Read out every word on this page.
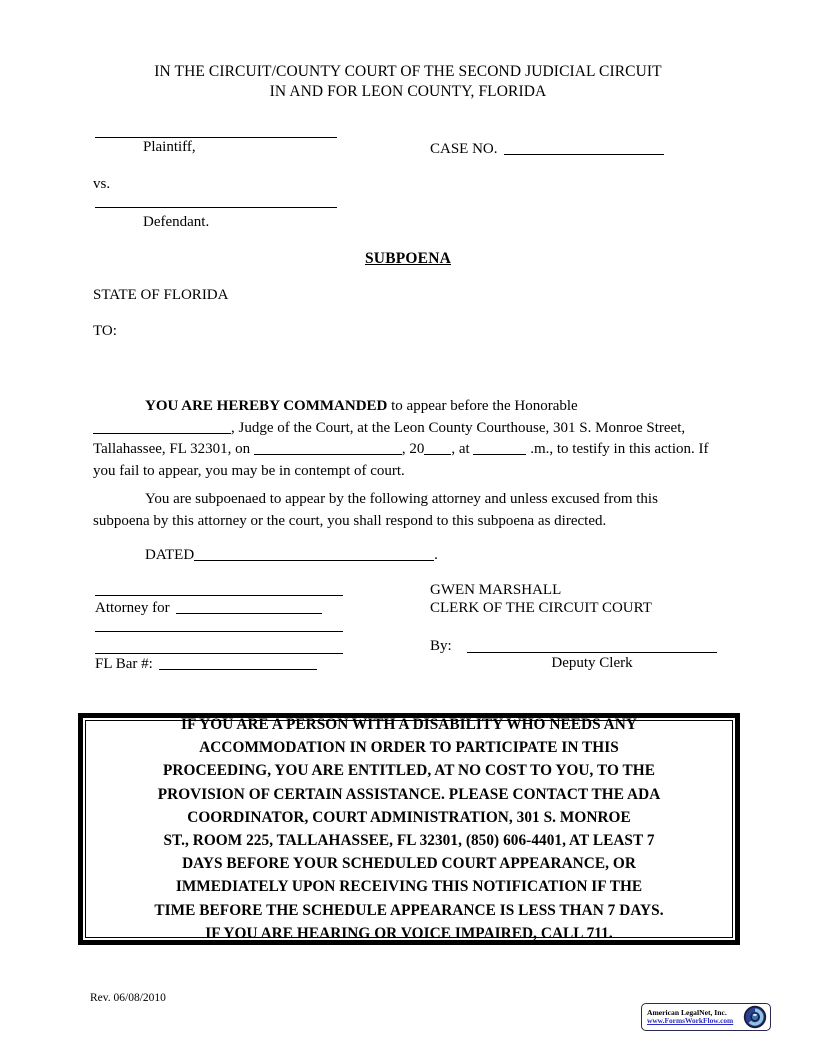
IN THE CIRCUIT/COUNTY COURT OF THE SECOND JUDICIAL CIRCUIT
IN AND FOR LEON COUNTY, FLORIDA
Plaintiff,
vs.
Defendant.
CASE NO.
SUBPOENA
STATE OF FLORIDA
TO:
YOU ARE HEREBY COMMANDED to appear before the Honorable , Judge of the Court, at the Leon County Courthouse, 301 S. Monroe Street, Tallahassee, FL 32301, on	, 20 , at	.m., to testify in this action. If you fail to appear, you may be in contempt of court.
You are subpoenaed to appear by the following attorney and unless excused from this subpoena by this attorney or the court, you shall respond to this subpoena as directed.
DATED	.
Attorney for
FL Bar #:
GWEN MARSHALL
CLERK OF THE CIRCUIT COURT
By:
Deputy Clerk
IF YOU ARE A PERSON WITH A DISABILITY WHO NEEDS ANY
ACCOMMODATION IN ORDER TO PARTICIPATE IN THIS
PROCEEDING, YOU ARE ENTITLED, AT NO COST TO YOU, TO THE
PROVISION OF CERTAIN ASSISTANCE. PLEASE CONTACT THE ADA
COORDINATOR, COURT ADMINISTRATION, 301 S. MONROE
ST., ROOM 225, TALLAHASSEE, FL 32301, (850) 606-4401, AT LEAST 7
DAYS BEFORE YOUR SCHEDULED COURT APPEARANCE, OR
IMMEDIATELY UPON RECEIVING THIS NOTIFICATION IF THE
TIME BEFORE THE SCHEDULE APPEARANCE IS LESS THAN 7 DAYS.
IF YOU ARE HEARING OR VOICE IMPAIRED, CALL 711.
Rev. 06/08/2010
American LegalNet, Inc.
www.FormsWorkFlow.com
